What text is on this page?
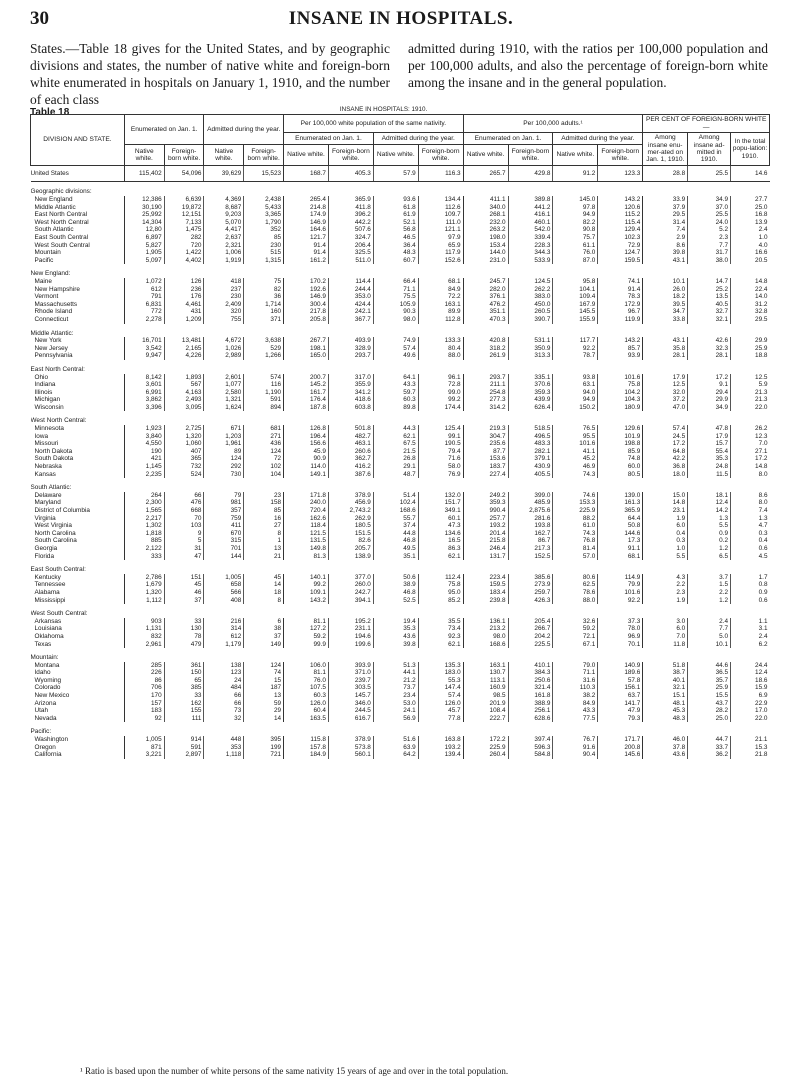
30	INSANE IN HOSPITALS.
States.—Table 18 gives for the United States, and by geographic divisions and states, the number of native white and foreign-born white enumerated in hospitals on January 1, 1910, and the number of each class
admitted during 1910, with the ratios per 100,000 population and per 100,000 adults, and also the percentage of foreign-born white among the insane and in the general population.
Table 18
		INSANE IN HOSPITALS: 1910.														
DIVISION AND STATE.	Enumerated on Jan. 1.		Admitted during the year.		Per 100,000 white population of the same nativity.				Per 100,000 adults.¹				PER CENT OF FOREIGN-BORN WHITE—		
					Enumerated on Jan. 1.		Admitted during the year.		Enumerated on Jan. 1.		Admitted during the year.		Among insane enu-mer-ated on Jan. 1, 1910.	Among insane ad-mitted in 1910.	In the total popu-lation: 1910.
	Native white.	Foreign-born white.	Native white.	Foreign-born white.	Native white.	Foreign-born white.	Native white.	Foreign-born white.	Native white.	Foreign-born white.	Native white.	Foreign-born white.			
United States	115,402	54,096	39,629	15,523	168.7	405.3	57.9	116.3	265.7	429.8	91.2	123.3	28.8	25.5	14.6
Geographic divisions:															
New England	12,386	6,639	4,369	2,438	265.4	365.9	93.6	134.4	411.1	389.8	145.0	143.2	33.9	34.9	27.7
Middle Atlantic	30,190	19,872	8,687	5,433	214.8	411.8	61.8	112.6	340.0	441.2	97.8	120.6	37.9	37.0	25.0
East North Central	25,992	12,151	9,203	3,365	174.9	396.2	61.9	109.7	268.1	416.1	94.9	115.2	29.5	25.5	16.8
West North Central	14,304	7,133	5,070	1,790	146.9	442.2	52.1	111.0	232.0	460.1	82.2	115.4	31.4	24.0	13.9
South Atlantic	12,80	1,475	4,417	352	164.6	507.6	56.8	121.1	263.2	542.0	90.8	129.4	7.4	5.2	2.4
East South Central	6,897	282	2,637	85	121.7	324.7	46.5	97.9	198.0	339.4	75.7	102.3	2.9	2.3	1.0
West South Central	5,827	720	2,321	230	91.4	206.4	36.4	65.9	153.4	228.3	61.1	72.9	8.6	7.7	4.0
Mountain	1,905	1,422	1,006	515	91.4	325.5	48.3	117.9	144.0	344.3	76.0	124.7	39.8	31.7	16.6
Pacific	5,097	4,402	1,919	1,315	161.2	511.0	60.7	152.6	231.0	533.9	87.0	159.5	43.1	38.0	20.5
New England:															
Maine	1,072	126	418	75	170.2	114.4	66.4	68.1	245.7	124.5	95.8	74.1	10.1	14.7	14.8
New Hampshire	612	236	237	82	192.6	244.4	71.1	84.9	282.0	262.2	104.1	91.4	26.0	25.2	22.4
Vermont	791	176	230	36	146.9	353.0	75.5	72.2	376.1	383.0	109.4	78.3	18.2	13.5	14.0
Massachusetts	6,831	4,461	2,409	1,714	300.4	424.4	105.9	163.1	476.2	450.0	167.9	172.9	39.5	40.5	31.2
Rhode Island	772	431	320	160	217.8	242.1	90.3	89.9	351.1	260.5	145.5	96.7	34.7	32.7	32.8
Connecticut	2,278	1,209	755	371	205.8	367.7	98.0	112.8	470.3	390.7	155.9	119.9	33.8	32.1	29.5
Middle Atlantic:															
New York	16,701	13,481	4,672	3,638	267.7	493.9	74.9	133.3	420.8	531.1	117.7	143.2	43.1	42.6	29.9
New Jersey	3,542	2,165	1,026	529	198.1	328.9	57.4	80.4	318.2	350.9	92.2	85.7	35.8	32.3	25.9
Pennsylvania	9,947	4,226	2,989	1,266	165.0	293.7	49.6	88.0	261.9	313.3	78.7	93.9	28.1	28.1	18.8
East North Central:															
Ohio	8,142	1,893	2,601	574	200.7	317.0	64.1	96.1	293.7	335.1	93.8	101.6	17.9	17.2	12.5
Indiana	3,601	567	1,077	116	145.2	355.9	43.3	72.8	211.1	370.6	63.1	75.8	12.5	9.1	5.9
Illinois	6,991	4,163	2,580	1,190	161.7	341.2	59.7	99.0	254.8	359.3	94.0	104.2	32.0	29.4	21.3
Michigan	3,862	2,493	1,321	591	176.4	418.6	60.3	99.2	277.3	439.9	94.9	104.3	37.2	29.9	21.3
Wisconsin	3,396	3,095	1,624	894	187.8	603.8	89.8	174.4	314.2	626.4	150.2	180.9	47.0	34.9	22.0
West North Central:															
Minnesota	1,923	2,725	671	681	126.8	501.8	44.3	125.4	219.3	518.5	76.5	129.6	57.4	47.8	26.2
Iowa	3,840	1,320	1,203	271	196.4	482.7	62.1	99.1	304.7	496.5	95.5	101.9	24.5	17.9	12.3
Missouri	4,550	1,060	1,961	436	156.6	463.1	67.5	190.5	235.6	483.3	101.6	198.8	17.2	15.7	7.0
North Dakota	190	407	89	124	45.9	260.6	21.5	79.4	87.7	282.1	41.1	85.9	64.8	55.4	27.1
South Dakota	421	365	124	72	90.9	362.7	26.8	71.6	153.6	379.1	45.2	74.8	42.2	35.3	17.2
Nebraska	1,145	732	292	102	114.0	416.2	29.1	58.0	183.7	430.9	46.9	60.0	36.8	24.8	14.8
Kansas	2,235	524	730	104	149.1	387.6	48.7	76.9	227.4	405.5	74.3	80.5	18.0	11.5	8.0
South Atlantic:															
Delaware	264	66	79	23	171.8	378.9	51.4	132.0	249.2	399.0	74.6	139.0	15.0	18.1	8.6
Maryland	2,300	476	981	158	240.0	456.9	102.4	151.7	359.3	485.9	153.3	161.3	14.8	12.4	8.0
District of Columbia	1,565	668	357	85	720.4	2,743.2	168.6	349.1	990.4	2,875.6	225.9	365.9	23.1	14.2	7.4
Virginia	2,217	70	759	16	162.6	262.9	55.7	60.1	257.7	281.6	88.2	64.4	1.9	1.3	1.3
West Virginia	1,302	103	411	27	118.4	180.5	37.4	47.3	193.2	193.8	61.0	50.8	6.0	5.5	4.7
North Carolina	1,818	9	670	8	121.5	151.5	44.8	134.6	201.4	162.7	74.3	144.6	0.4	0.9	0.3
South Carolina	885	5	315	1	131.5	82.6	46.8	16.5	215.8	86.7	76.8	17.3	0.3	0.2	0.4
Georgia	2,122	31	701	13	149.8	205.7	49.5	86.3	246.4	217.3	81.4	91.1	1.0	1.2	0.6
Florida	333	47	144	21	81.3	138.9	35.1	62.1	131.7	152.5	57.0	68.1	5.5	6.5	4.5
East South Central:															
Kentucky	2,786	151	1,005	45	140.1	377.0	50.6	112.4	223.4	385.6	80.6	114.9	4.3	3.7	1.7
Tennessee	1,679	45	658	14	99.2	260.0	38.9	75.8	159.5	273.9	62.5	79.9	2.2	1.5	0.8
Alabama	1,320	46	566	18	109.1	242.7	46.8	95.0	183.4	259.7	78.6	101.6	2.3	2.2	0.9
Mississippi	1,112	37	408	8	143.2	394.1	52.5	85.2	239.8	426.3	88.0	92.2	1.9	1.2	0.6
West South Central:															
Arkansas	903	33	216	6	81.1	195.2	19.4	35.5	136.1	205.4	32.6	37.3	3.0	2.4	1.1
Louisiana	1,131	130	314	38	127.2	231.1	35.3	73.4	213.2	266.7	59.2	78.0	6.0	7.7	3.1
Oklahoma	832	78	612	37	59.2	194.6	43.6	92.3	98.0	204.2	72.1	96.9	7.0	5.0	2.4
Texas	2,961	479	1,179	149	99.9	199.6	39.8	62.1	168.6	225.5	67.1	70.1	11.8	10.1	6.2
Mountain:															
Montana	285	361	138	124	106.0	393.9	51.3	135.3	163.1	410.1	79.0	140.9	51.8	44.6	24.4
Idaho	226	150	123	74	81.1	371.0	44.1	183.0	130.7	384.3	71.1	189.6	38.7	36.5	12.4
Wyoming	86	65	24	15	76.0	239.7	21.2	55.3	113.1	250.6	31.6	57.8	40.1	35.7	18.6
Colorado	706	385	484	187	107.5	303.5	73.7	147.4	160.9	321.4	110.3	156.1	32.1	25.9	15.9
New Mexico	170	33	66	13	60.3	145.7	23.4	57.4	98.5	161.8	38.2	63.7	15.1	15.5	6.9
Arizona	157	162	66	59	126.0	346.0	53.0	126.0	201.9	388.9	84.9	141.7	48.1	43.7	22.9
Utah	183	155	73	29	60.4	244.5	24.1	45.7	108.4	256.1	43.3	47.9	45.3	28.2	17.0
Nevada	92	111	32	14	163.5	616.7	56.9	77.8	222.7	628.6	77.5	79.3	48.3	25.0	22.0
Pacific:															
Washington	1,005	914	448	395	115.8	378.9	51.6	163.8	172.2	397.4	76.7	171.7	46.0	44.7	21.1
Oregon	871	591	353	199	157.8	573.8	63.9	193.2	225.9	596.3	91.6	200.8	37.8	33.7	15.3
California	3,221	2,897	1,118	721	184.9	560.1	64.2	139.4	260.4	584.8	90.4	145.6	43.6	36.2	21.8
¹ Ratio is based upon the number of white persons of the same nativity 15 years of age and over in the total population.
